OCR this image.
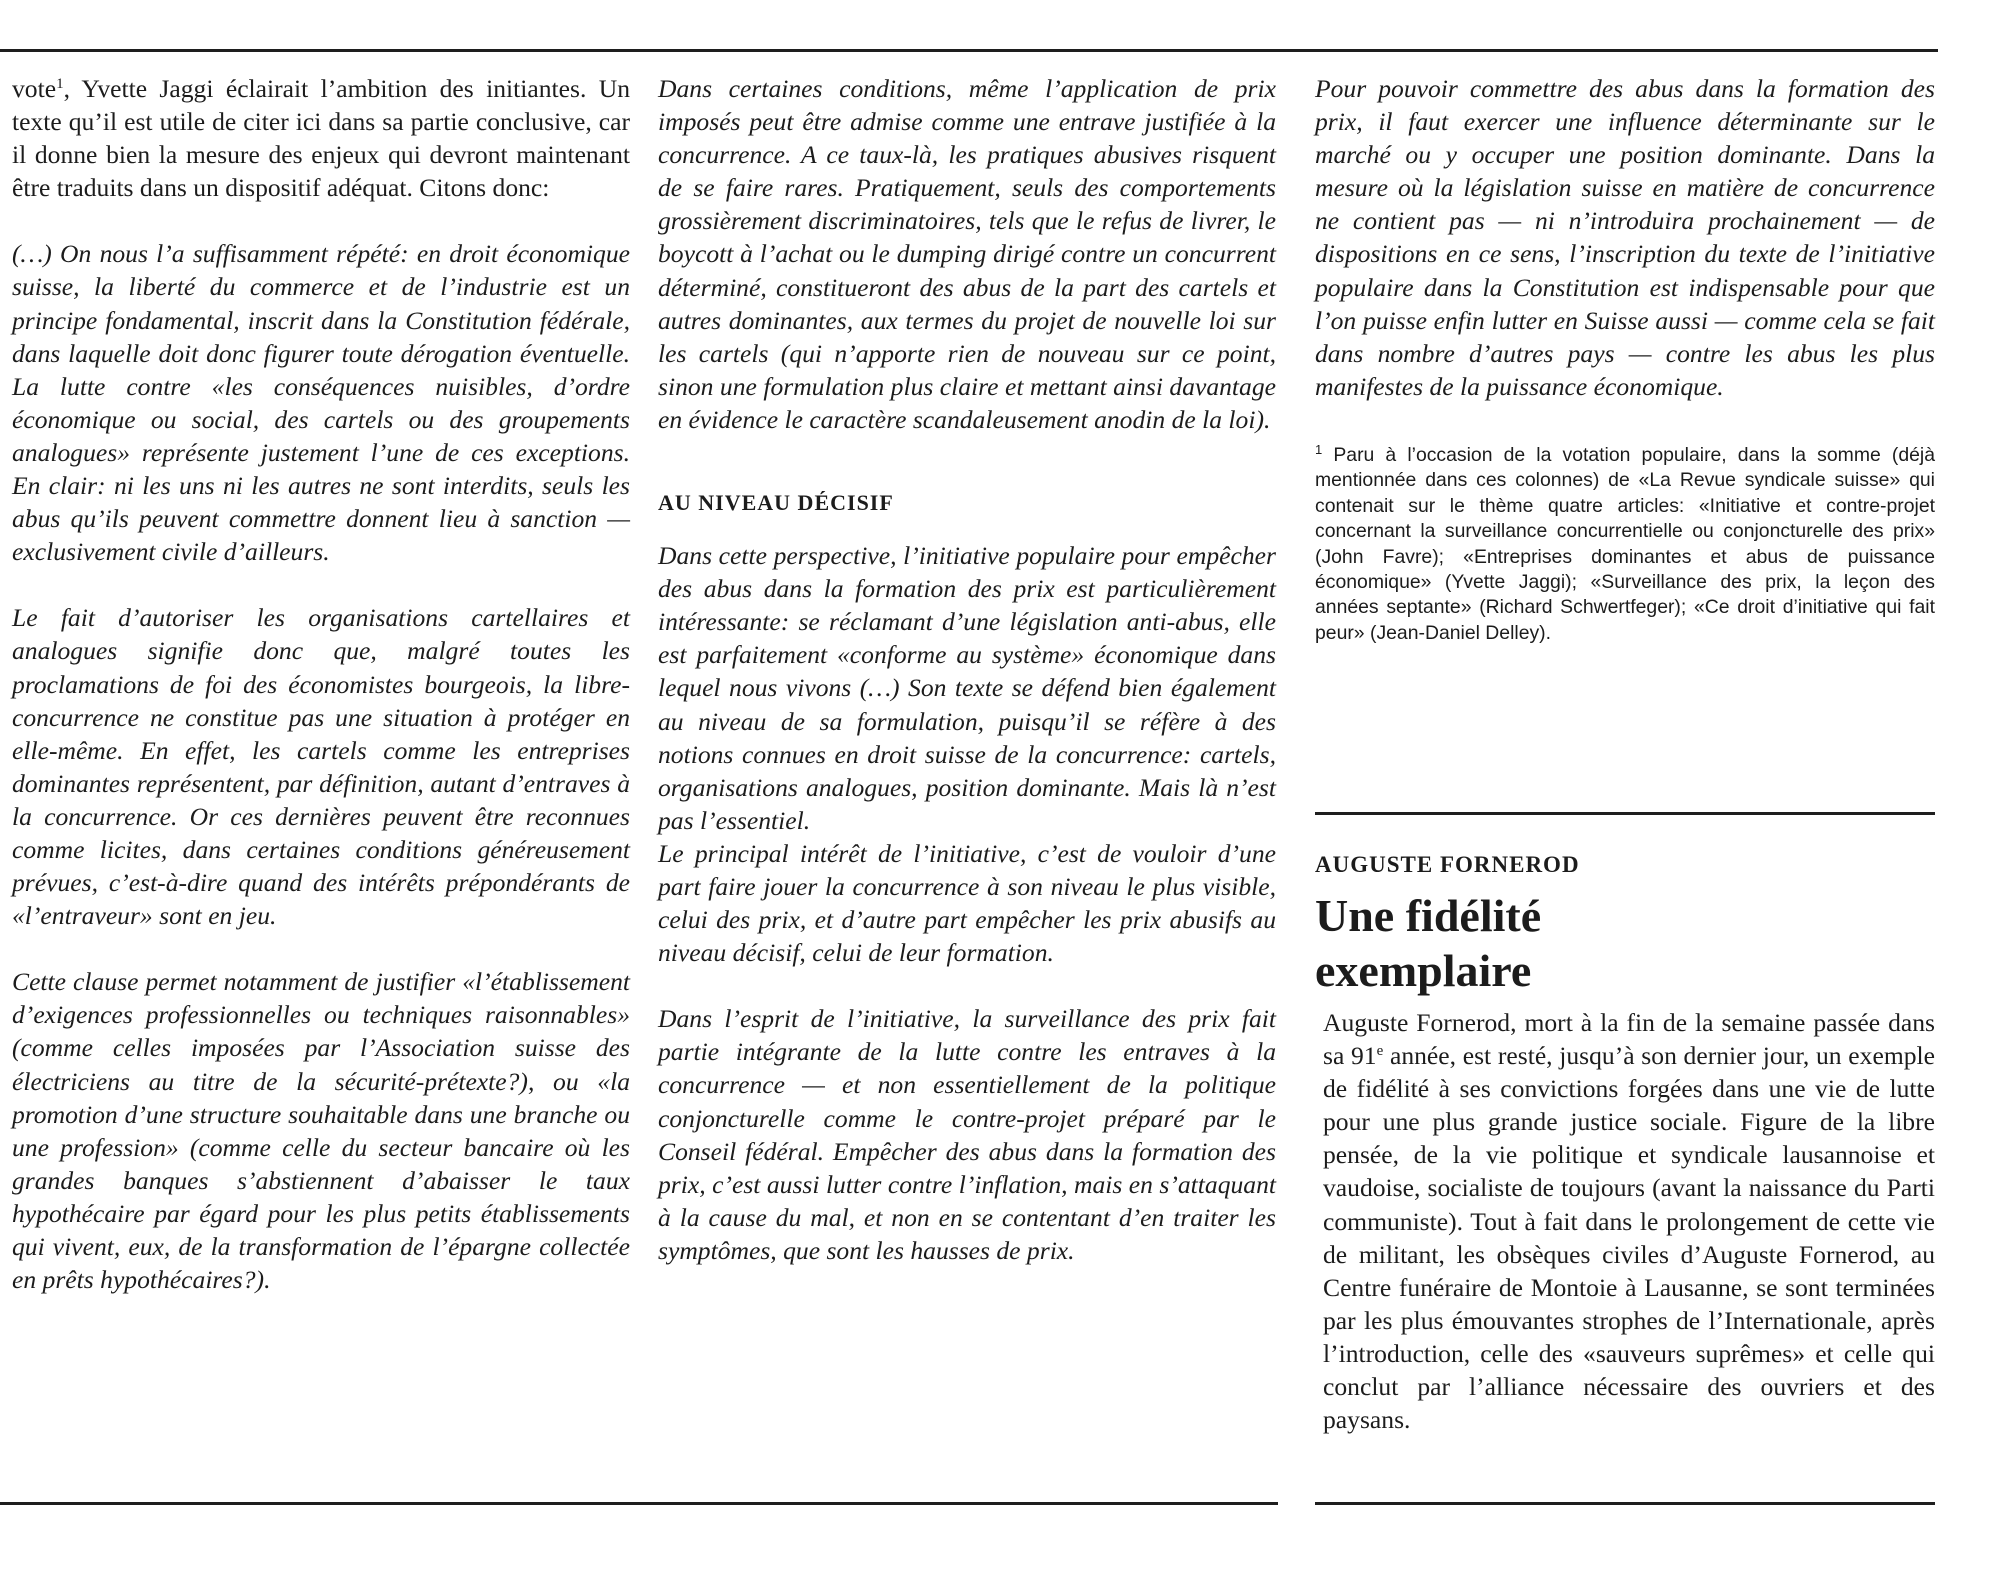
vote$^1$, Yvette Jaggi éclairait l’ambition des initiantes. Un texte qu’il est utile de citer ici dans sa partie conclusive, car il donne bien la mesure des enjeux qui devront maintenant être traduits dans un dispositif adéquat. Citons donc:

(…) On nous l’a suffisamment répété: en droit économique suisse, la liberté du commerce et de l’industrie est un principe fondamental, inscrit dans la Constitution fédérale, dans laquelle doit donc figurer toute dérogation éventuelle. La lutte contre «les conséquences nuisibles, d’ordre économique ou social, des cartels ou des groupements analogues» représente justement l’une de ces exceptions. En clair: ni les uns ni les autres ne sont interdits, seuls les abus qu’ils peuvent commettre donnent lieu à sanction — exclusivement civile d’ailleurs.

Le fait d’autoriser les organisations cartellaires et analogues signifie donc que, malgré toutes les proclamations de foi des économistes bourgeois, la libre-concurrence ne constitue pas une situation à protéger en elle-même. En effet, les cartels comme les entreprises dominantes représentent, par définition, autant d’entraves à la concurrence. Or ces dernières peuvent être reconnues comme licites, dans certaines conditions généreusement prévues, c’est-à-dire quand des intérêts prépondérants de «l’entraveur» sont en jeu.

Cette clause permet notamment de justifier «l’établissement d’exigences professionnelles ou techniques raisonnables» (comme celles imposées par l’Association suisse des électriciens au titre de la sécurité-prétexte?), ou «la promotion d’une structure souhaitable dans une branche ou une profession» (comme celle du secteur bancaire où les grandes banques s’abstiennent d’abaisser le taux hypothécaire par égard pour les plus petits établissements qui vivent, eux, de la transformation de l’épargne collectée en prêts hypothécaires?).

Dans certaines conditions, même l’application de prix imposés peut être admise comme une entrave justifiée à la concurrence. A ce taux-là, les pratiques abusives risquent de se faire rares. Pratiquement, seuls des comportements grossièrement discriminatoires, tels que le refus de livrer, le boycott à l’achat ou le dumping dirigé contre un concurrent déterminé, constitueront des abus de la part des cartels et autres dominantes, aux termes du projet de nouvelle loi sur les cartels (qui n’apporte rien de nouveau sur ce point, sinon une formulation plus claire et mettant ainsi davantage en évidence le caractère scandaleusement anodin de la loi).

AU NIVEAU DÉCISIF

Dans cette perspective, l’initiative populaire pour empêcher des abus dans la formation des prix est particulièrement intéressante: se réclamant d’une législation anti-abus, elle est parfaitement «conforme au système» économique dans lequel nous vivons (…) Son texte se défend bien également au niveau de sa formulation, puisqu’il se réfère à des notions connues en droit suisse de la concurrence: cartels, organisations analogues, position dominante. Mais là n’est pas l’essentiel.

Le principal intérêt de l’initiative, c’est de vouloir d’une part faire jouer la concurrence à son niveau le plus visible, celui des prix, et d’autre part empêcher les prix abusifs au niveau décisif, celui de leur formation.

Dans l’esprit de l’initiative, la surveillance des prix fait partie intégrante de la lutte contre les entraves à la concurrence — et non essentiellement de la politique conjoncturelle comme le contre-projet préparé par le Conseil fédéral. Empêcher des abus dans la formation des prix, c’est aussi lutter contre l’inflation, mais en s’attaquant à la cause du mal, et non en se contentant d’en traiter les symptômes, que sont les hausses de prix.

Pour pouvoir commettre des abus dans la formation des prix, il faut exercer une influence déterminante sur le marché ou y occuper une position dominante. Dans la mesure où la législation suisse en matière de concurrence ne contient pas — ni n’introduira prochainement — de dispositions en ce sens, l’inscription du texte de l’initiative populaire dans la Constitution est indispensable pour que l’on puisse enfin lutter en Suisse aussi — comme cela se fait dans nombre d’autres pays — contre les abus les plus manifestes de la puissance économique.

$^1$ Paru à l’occasion de la votation populaire, dans la somme (déjà mentionnée dans ces colonnes) de «La Revue syndicale suisse» qui contenait sur le thème quatre articles: «Initiative et contre-projet concernant la surveillance concurrentielle ou conjoncturelle des prix» (John Favre); «Entreprises dominantes et abus de puissance économique» (Yvette Jaggi); «Surveillance des prix, la leçon des années septante» (Richard Schwertfeger); «Ce droit d’initiative qui fait peur» (Jean-Daniel Delley).

AUGUSTE FORNEROD

Une fidélité
exemplaire

Auguste Fornerod, mort à la fin de la semaine passée dans sa 91e année, est resté, jusqu’à son dernier jour, un exemple de fidélité à ses convictions forgées dans une vie de lutte pour une plus grande justice sociale. Figure de la libre pensée, de la vie politique et syndicale lausannoise et vaudoise, socialiste de toujours (avant la naissance du Parti communiste). Tout à fait dans le prolongement de cette vie de militant, les obsèques civiles d’Auguste Fornerod, au Centre funéraire de Montoie à Lausanne, se sont terminées par les plus émouvantes strophes de l’Internationale, après l’introduction, celle des «sauveurs suprêmes» et celle qui conclut par l’alliance nécessaire des ouvriers et des paysans.
